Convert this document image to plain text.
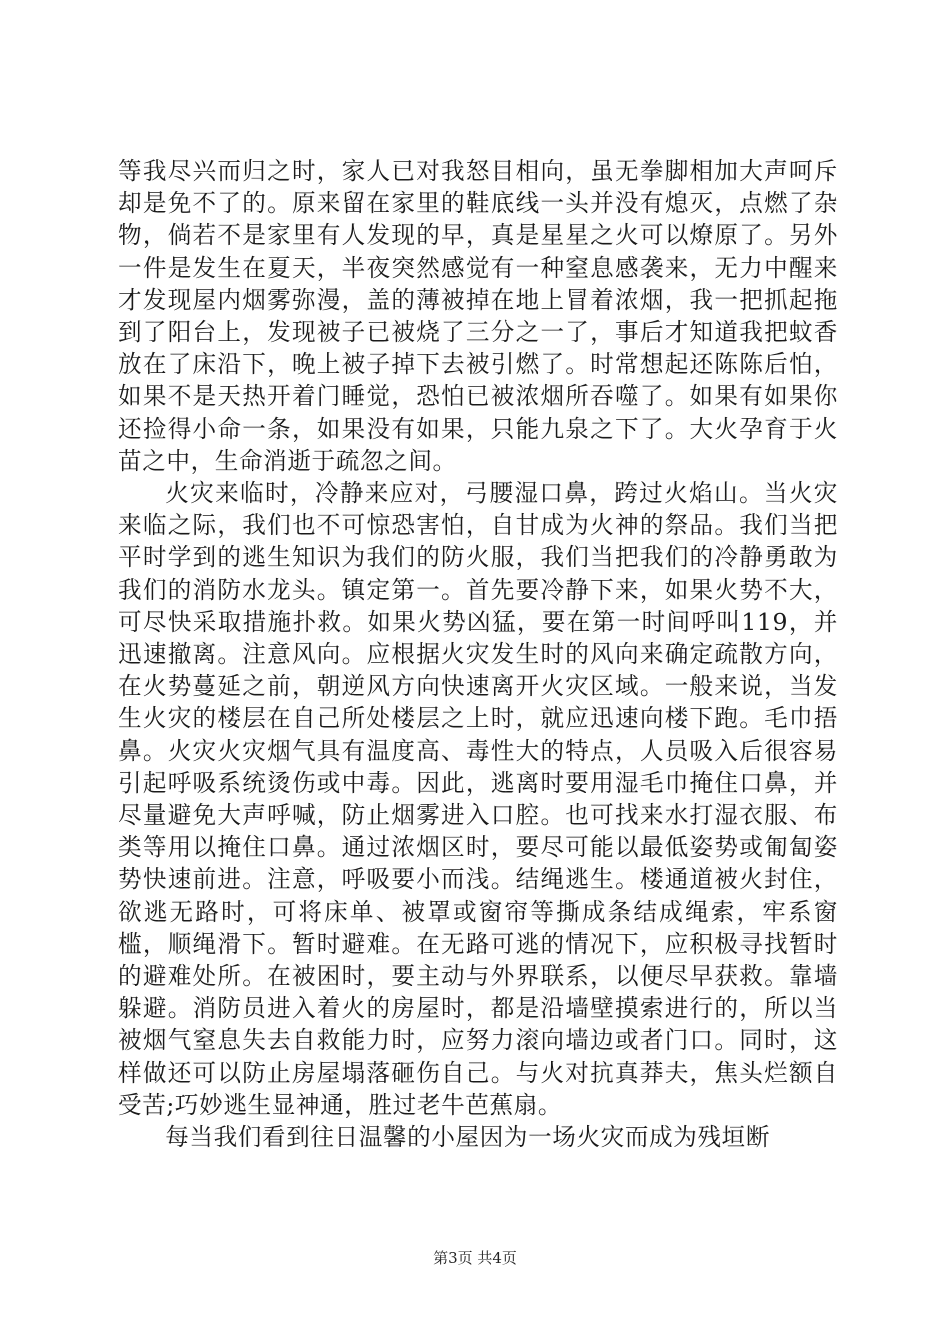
等我尽兴而归之时，家人已对我怒目相向，虽无拳脚相加大声呵斥却是免不了的。原来留在家里的鞋底线一头并没有熄灭，点燃了杂物，倘若不是家里有人发现的早，真是星星之火可以燎原了。另外一件是发生在夏天，半夜突然感觉有一种窒息感袭来，无力中醒来才发现屋内烟雾弥漫，盖的薄被掉在地上冒着浓烟，我一把抓起拖到了阳台上，发现被子已被烧了三分之一了，事后才知道我把蚊香放在了床沿下，晚上被子掉下去被引燃了。时常想起还陈陈后怕，如果不是天热开着门睡觉，恐怕已被浓烟所吞噬了。如果有如果你还捡得小命一条，如果没有如果，只能九泉之下了。大火孕育于火苗之中，生命消逝于疏忽之间。

火灾来临时，冷静来应对，弓腰湿口鼻，跨过火焰山。当火灾来临之际，我们也不可惊恐害怕，自甘成为火神的祭品。我们当把平时学到的逃生知识为我们的防火服，我们当把我们的冷静勇敢为我们的消防水龙头。镇定第一。首先要冷静下来，如果火势不大，可尽快采取措施扑救。如果火势凶猛，要在第一时间呼叫119，并迅速撤离。注意风向。应根据火灾发生时的风向来确定疏散方向，在火势蔓延之前，朝逆风方向快速离开火灾区域。一般来说，当发生火灾的楼层在自己所处楼层之上时，就应迅速向楼下跑。毛巾捂鼻。火灾火灾烟气具有温度高、毒性大的特点，人员吸入后很容易引起呼吸系统烫伤或中毒。因此，逃离时要用湿毛巾掩住口鼻，并尽量避免大声呼喊，防止烟雾进入口腔。也可找来水打湿衣服、布类等用以掩住口鼻。通过浓烟区时，要尽可能以最低姿势或匍匐姿势快速前进。注意，呼吸要小而浅。结绳逃生。楼通道被火封住，欲逃无路时，可将床单、被罩或窗帘等撕成条结成绳索，牢系窗槛，顺绳滑下。暂时避难。在无路可逃的情况下，应积极寻找暂时的避难处所。在被困时，要主动与外界联系，以便尽早获救。靠墙躲避。消防员进入着火的房屋时，都是沿墙壁摸索进行的，所以当被烟气窒息失去自救能力时，应努力滚向墙边或者门口。同时，这样做还可以防止房屋塌落砸伤自己。与火对抗真莽夫，焦头烂额自受苦;巧妙逃生显神通，胜过老牛芭蕉扇。

每当我们看到往日温馨的小屋因为一场火灾而成为残垣断

第3页 共4页
